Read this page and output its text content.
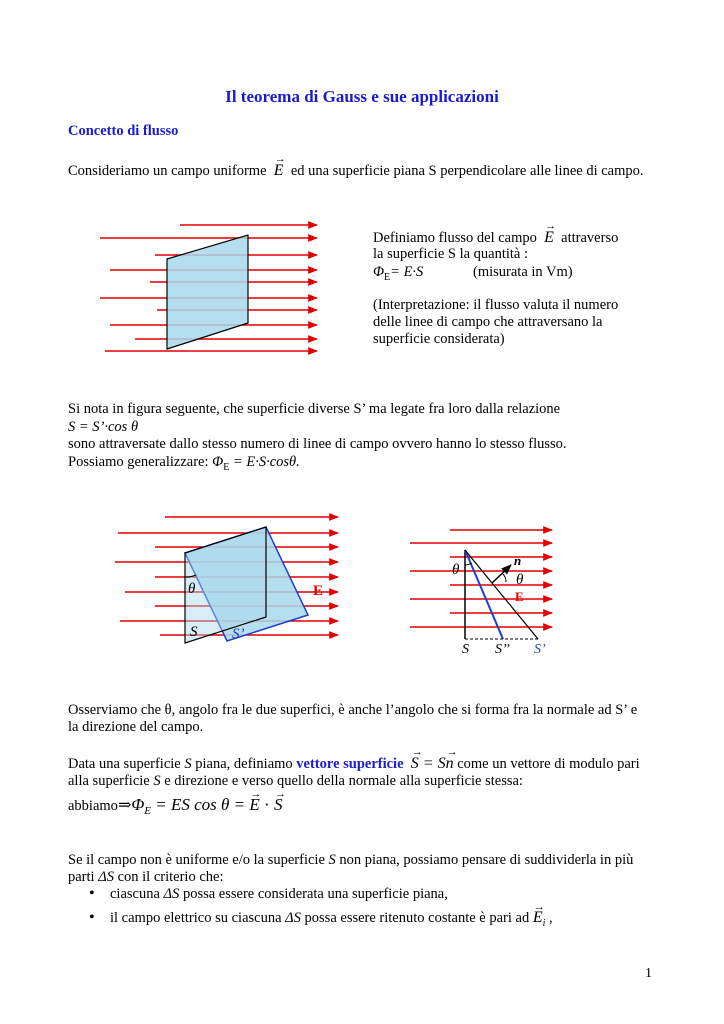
Il teorema di Gauss e sue applicazioni
Concetto di flusso
Consideriamo un campo uniforme → E ed una superficie piana S perpendicolare alle linee di campo.
Definiamo flusso del campo → E attraverso
la superficie S la quantità :
$\Phi_E= E\cdot S$	(misurata in Vm)
(Interpretazione: il flusso valuta il numero
delle linee di campo che attraversano la
superficie considerata)
Si nota in figura seguente, che superficie diverse S’ ma legate fra loro dalla relazione
S = S’·cos θ
sono attraversate dallo stesso numero di linee di campo ovvero hanno lo stesso flusso.
Possiamo generalizzare: $\Phi_E = E\cdot S\cdot\cos\theta$.
θ	E
S S’
θ
θ
n
E
S S’’ S’
Osserviamo che θ, angolo fra le due superfici, è anche l’angolo che si forma fra la normale ad S’ e
la direzione del campo.
Data una superficie S piana, definiamo vettore superficie → S = S→ n come un vettore di modulo pari
alla superficie S e direzione e verso quello della normale alla superficie stessa:
$abbiamo\Rightarrow\Phi_E$ = ES cos θ = → E · → S
Se il campo non è uniforme e/o la superficie S non piana, possiamo pensare di suddividerla in più
parti ΔS con il criterio che:
• ciascuna ΔS possa essere considerata una superficie piana,
• il campo elettrico su ciascuna ΔS possa essere ritenuto costante è pari ad → $E_i$ ,
1
